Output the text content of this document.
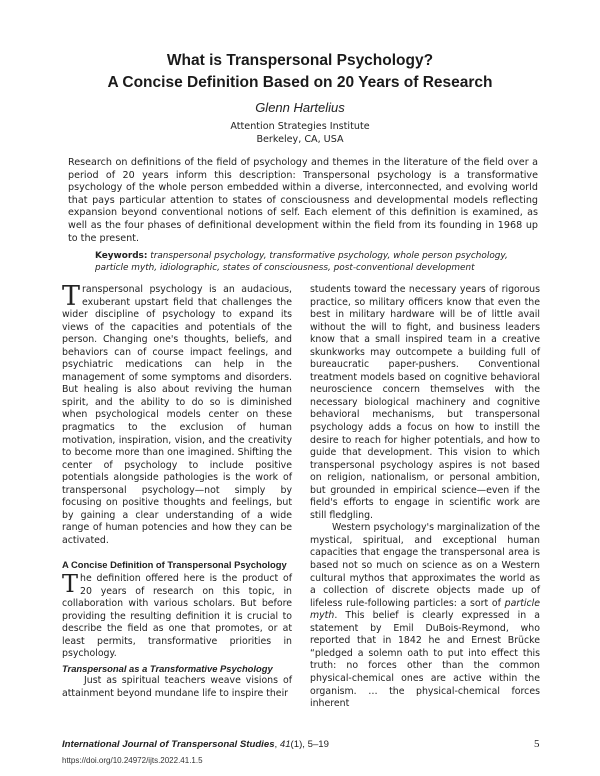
What is Transpersonal Psychology?
A Concise Definition Based on 20 Years of Research
Glenn Hartelius
Attention Strategies Institute
Berkeley, CA, USA

Research on definitions of the field of psychology and themes in the literature of the field over a period of 20 years inform this description: Transpersonal psychology is a transformative psychology of the whole person embedded within a diverse, interconnected, and evolving world that pays particular attention to states of consciousness and developmental models reflecting expansion beyond conventional notions of self. Each element of this definition is examined, as well as the four phases of definitional development within the field from its founding in 1968 up to the present.

Keywords: transpersonal psychology, transformative psychology, whole person psychology, particle myth, idiolographic, states of consciousness, post-conventional development

Transpersonal psychology is an audacious, exuberant upstart field that challenges the wider discipline of psychology to expand its views of the capacities and potentials of the person. Changing one's thoughts, beliefs, and behaviors can of course impact feelings, and psychiatric medications can help in the management of some symptoms and disorders. But healing is also about reviving the human spirit, and the ability to do so is diminished when psychological models center on these pragmatics to the exclusion of human motivation, inspiration, vision, and the creativity to become more than one imagined. Shifting the center of psychology to include positive potentials alongside pathologies is the work of transpersonal psychology—not simply by focusing on positive thoughts and feelings, but by gaining a clear understanding of a wide range of human potencies and how they can be activated.

A Concise Definition of Transpersonal Psychology

The definition offered here is the product of 20 years of research on this topic, in collaboration with various scholars. But before providing the resulting definition it is crucial to describe the field as one that promotes, or at least permits, transformative priorities in psychology.

Transpersonal as a Transformative Psychology

Just as spiritual teachers weave visions of attainment beyond mundane life to inspire their

students toward the necessary years of rigorous practice, so military officers know that even the best in military hardware will be of little avail without the will to fight, and business leaders know that a small inspired team in a creative skunkworks may outcompete a building full of bureaucratic paper-pushers. Conventional treatment models based on cognitive behavioral neuroscience concern themselves with the necessary biological machinery and cognitive behavioral mechanisms, but transpersonal psychology adds a focus on how to instill the desire to reach for higher potentials, and how to guide that development. This vision to which transpersonal psychology aspires is not based on religion, nationalism, or personal ambition, but grounded in empirical science—even if the field's efforts to engage in scientific work are still fledgling.

Western psychology's marginalization of the mystical, spiritual, and exceptional human capacities that engage the transpersonal area is based not so much on science as on a Western cultural mythos that approximates the world as a collection of discrete objects made up of lifeless rule-following particles: a sort of particle myth. This belief is clearly expressed in a statement by Emil DuBois-Reymond, who reported that in 1842 he and Ernest Brücke “pledged a solemn oath to put into effect this truth: no forces other than the common physical-chemical ones are active within the organism. … the physical-chemical forces inherent

International Journal of Transpersonal Studies, 41(1), 5–19
https://doi.org/10.24972/ijts.2022.41.1.5
5
